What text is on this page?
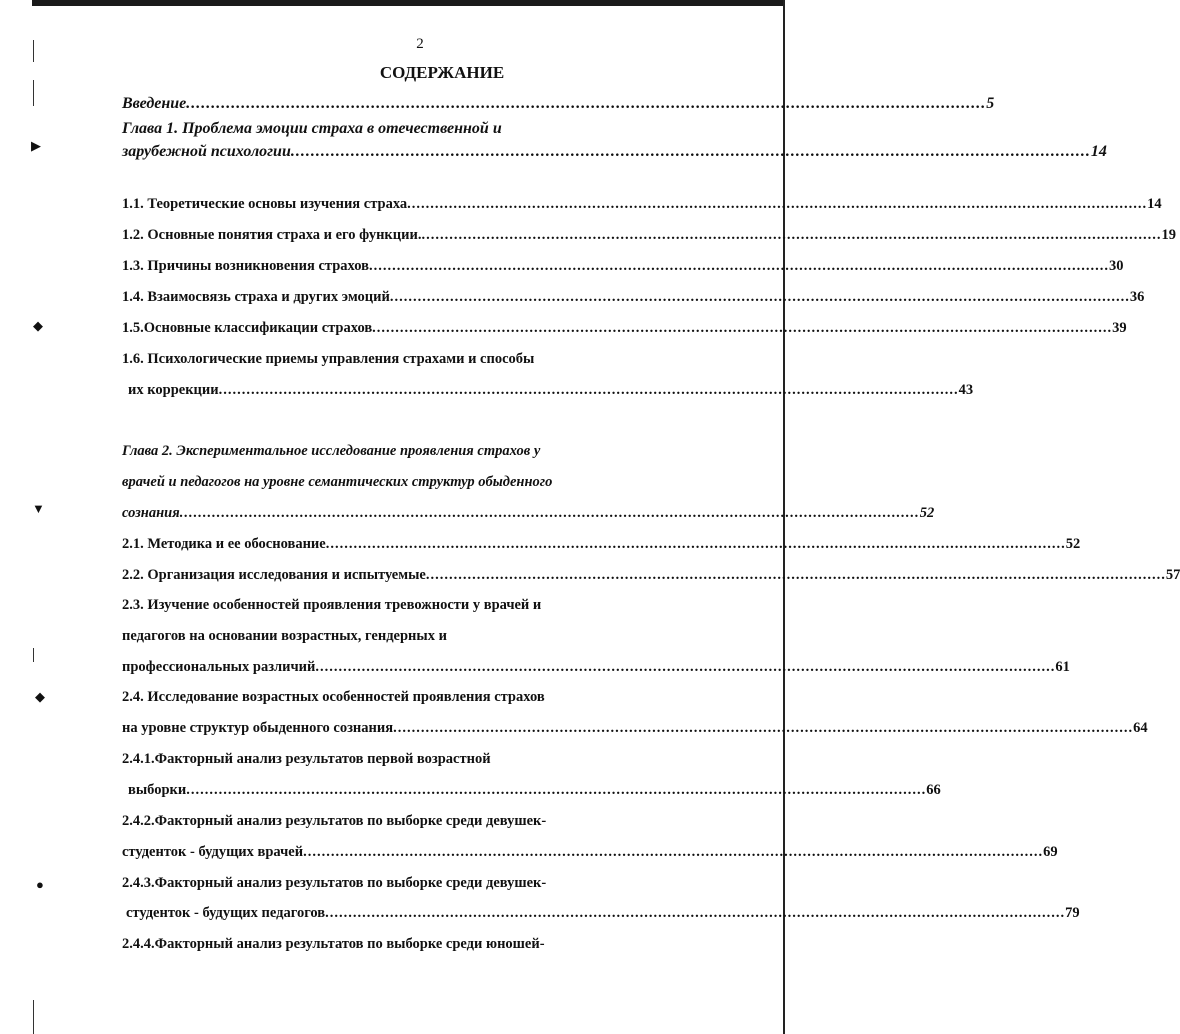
▶
◆
▼
◆
●
2
СОДЕРЖАНИЕ
Введение ................................................................................................................................................................ 5
Глава 1. Проблема эмоции страха в отечественной и
зарубежной психологии ................................................................................................................................................................ 14
1.1. Теоретические основы изучения страха ................................................................................................................................................................ 14
1.2. Основные понятия страха и его функции. ................................................................................................................................................................ 19
1.3. Причины возникновения страхов ................................................................................................................................................................ 30
1.4. Взаимосвязь страха и других эмоций ................................................................................................................................................................ 36
1.5.Основные классификации страхов ................................................................................................................................................................ 39
1.6. Психологические приемы управления страхами и способы
их коррекции ................................................................................................................................................................ 43
Глава 2. Экспериментальное исследование проявления страхов у
врачей и педагогов на уровне семантических структур обыденного
сознания ................................................................................................................................................................ 52
2.1. Методика и ее обоснование ................................................................................................................................................................ 52
2.2. Организация исследования и испытуемые ................................................................................................................................................................ 57
2.3. Изучение особенностей проявления тревожности у врачей и
педагогов на основании возрастных, гендерных и
профессиональных различий ................................................................................................................................................................ 61
2.4. Исследование возрастных особенностей проявления страхов
на уровне структур обыденного сознания ................................................................................................................................................................ 64
2.4.1.Факторный анализ результатов первой возрастной
выборки ................................................................................................................................................................ 66
2.4.2.Факторный анализ результатов по выборке среди девушек-
студенток - будущих врачей ................................................................................................................................................................ 69
2.4.3.Факторный анализ результатов по выборке среди девушек-
студенток - будущих педагогов ................................................................................................................................................................ 79
2.4.4.Факторный анализ результатов по выборке среди юношей-
